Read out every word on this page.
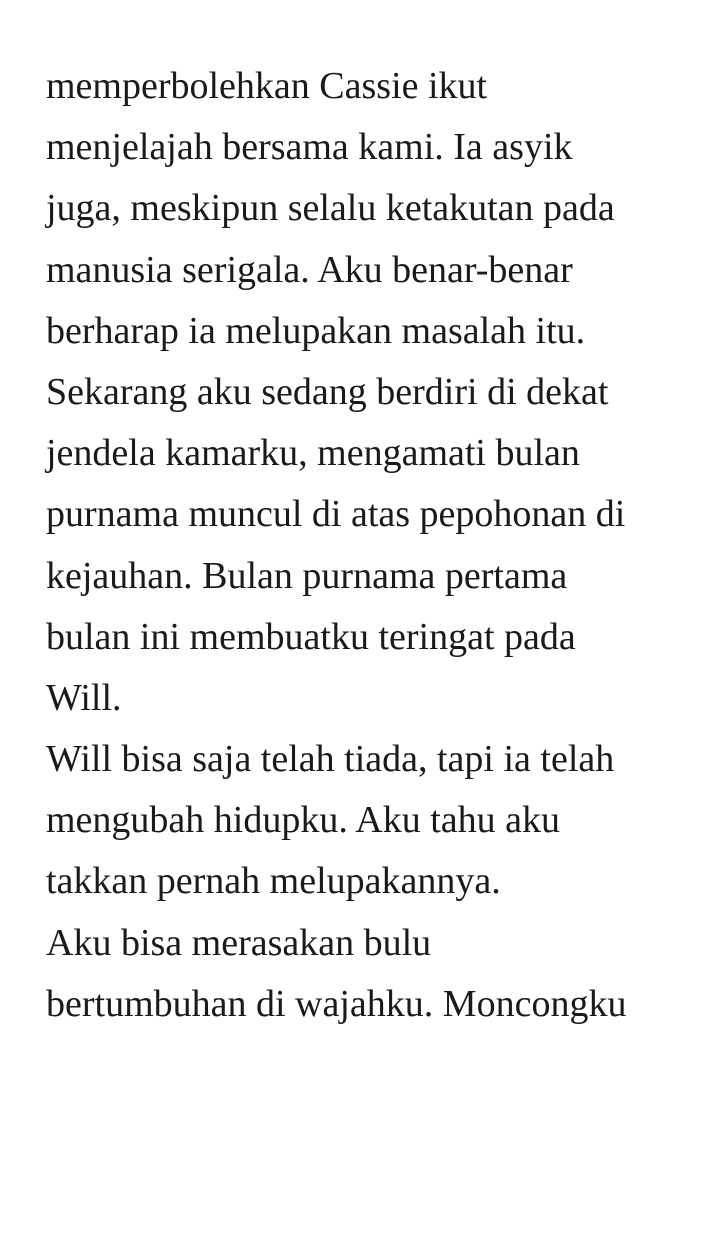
memperbolehkan Cassie ikut
menjelajah bersama kami. Ia asyik
juga, meskipun selalu ketakutan pada
manusia serigala. Aku benar-benar
berharap ia melupakan masalah itu.
Sekarang aku sedang berdiri di dekat
jendela kamarku, mengamati bulan
purnama muncul di atas pepohonan di
kejauhan. Bulan purnama pertama
bulan ini membuatku teringat pada
Will.
Will bisa saja telah tiada, tapi ia telah
mengubah hidupku. Aku tahu aku
takkan pernah melupakannya.
Aku bisa merasakan bulu
bertumbuhan di wajahku. Moncongku
